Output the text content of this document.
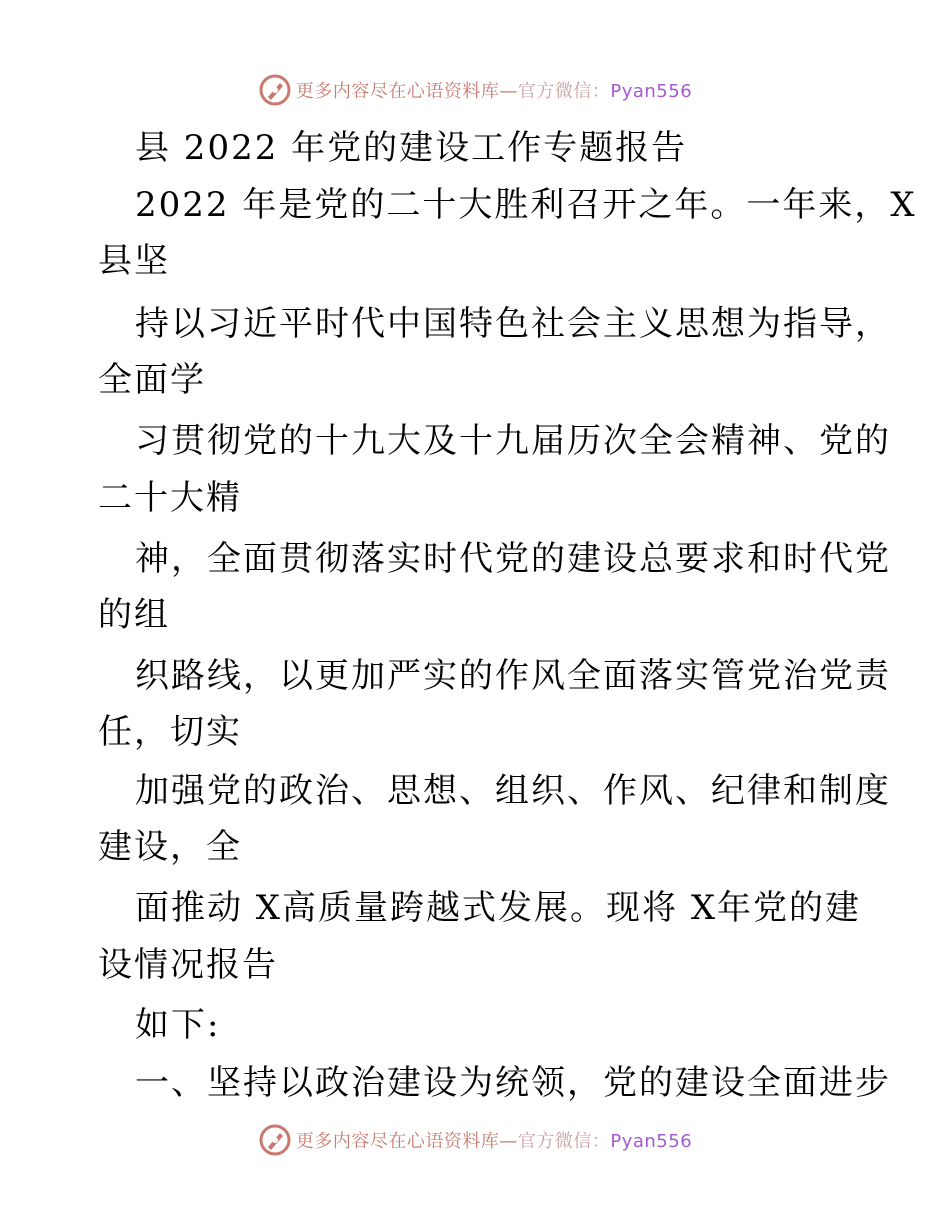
更多内容尽在心语资料库—官方微信：Pyan556
县 2022 年党的建设工作专题报告
2022 年是党的二十大胜利召开之年。一年来，X
县坚
持以习近平时代中国特色社会主义思想为指导，
全面学
习贯彻党的十九大及十九届历次全会精神、党的
二十大精
神，全面贯彻落实时代党的建设总要求和时代党
的组
织路线，以更加严实的作风全面落实管党治党责
任，切实
加强党的政治、思想、组织、作风、纪律和制度
建设，全
面推动 X高质量跨越式发展。现将 X年党的建
设情况报告
如下:
一、坚持以政治建设为统领，党的建设全面进步
更多内容尽在心语资料库—官方微信：Pyan556
